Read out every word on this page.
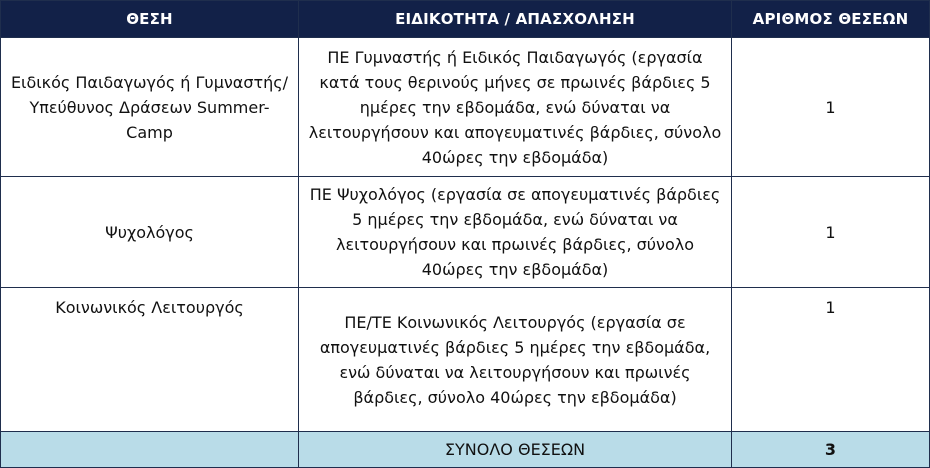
ΘΕΣΗ	ΕΙΔΙΚΟΤΗΤΑ / ΑΠΑΣΧΟΛΗΣΗ	ΑΡΙΘΜΟΣ ΘΕΣΕΩΝ
Ειδικός Παιδαγωγός ή Γυμναστής/Υπεύθυνος Δράσεων Summer-Camp	ΠΕ Γυμναστής ή Ειδικός Παιδαγωγός (εργασία κατά τους θερινούς μήνες σε πρωινές βάρδιες 5 ημέρες την εβδομάδα, ενώ δύναται να λειτουργήσουν και απογευματινές βάρδιες, σύνολο 40ώρες την εβδομάδα)	1
Ψυχολόγος	ΠΕ Ψυχολόγος (εργασία σε απογευματινές βάρδιες 5 ημέρες την εβδομάδα, ενώ δύναται να λειτουργήσουν και πρωινές βάρδιες, σύνολο 40ώρες την εβδομάδα)	1
Κοινωνικός Λειτουργός	ΠΕ/ΤΕ Κοινωνικός Λειτουργός (εργασία σε απογευματινές βάρδιες 5 ημέρες την εβδομάδα, ενώ δύναται να λειτουργήσουν και πρωινές βάρδιες, σύνολο 40ώρες την εβδομάδα)	1
	ΣΥΝΟΛΟ ΘΕΣΕΩΝ	3
